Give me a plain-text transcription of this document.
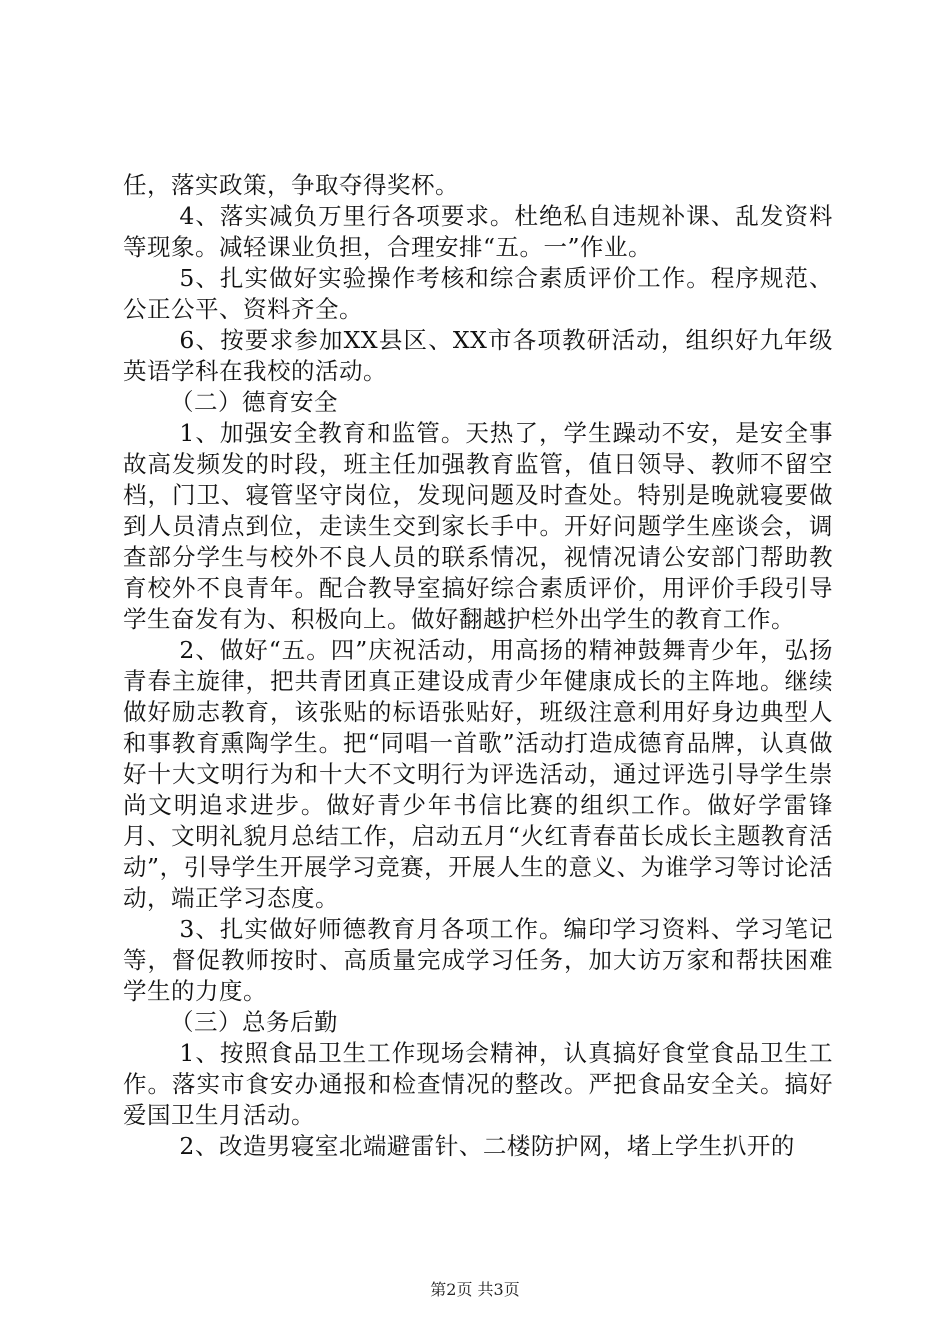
任，落实政策，争取夺得奖杯。

4、落实减负万里行各项要求。杜绝私自违规补课、乱发资料等现象。减轻课业负担，合理安排“五。一”作业。

5、扎实做好实验操作考核和综合素质评价工作。程序规范、公正公平、资料齐全。

6、按要求参加XX县区、XX市各项教研活动，组织好九年级英语学科在我校的活动。

（二）德育安全

1、加强安全教育和监管。天热了，学生躁动不安，是安全事故高发频发的时段，班主任加强教育监管，值日领导、教师不留空档，门卫、寝管坚守岗位，发现问题及时查处。特别是晚就寝要做到人员清点到位，走读生交到家长手中。开好问题学生座谈会，调查部分学生与校外不良人员的联系情况，视情况请公安部门帮助教育校外不良青年。配合教导室搞好综合素质评价，用评价手段引导学生奋发有为、积极向上。做好翻越护栏外出学生的教育工作。

2、做好“五。四”庆祝活动，用高扬的精神鼓舞青少年，弘扬青春主旋律，把共青团真正建设成青少年健康成长的主阵地。继续做好励志教育，该张贴的标语张贴好，班级注意利用好身边典型人和事教育熏陶学生。把“同唱一首歌”活动打造成德育品牌，认真做好十大文明行为和十大不文明行为评选活动，通过评选引导学生崇尚文明追求进步。做好青少年书信比赛的组织工作。做好学雷锋月、文明礼貌月总结工作，启动五月“火红青春苗长成长主题教育活动”，引导学生开展学习竞赛，开展人生的意义、为谁学习等讨论活动，端正学习态度。

3、扎实做好师德教育月各项工作。编印学习资料、学习笔记等，督促教师按时、高质量完成学习任务，加大访万家和帮扶困难学生的力度。

（三）总务后勤

1、按照食品卫生工作现场会精神，认真搞好食堂食品卫生工作。落实市食安办通报和检查情况的整改。严把食品安全关。搞好爱国卫生月活动。

2、改造男寝室北端避雷针、二楼防护网，堵上学生扒开的

第2页 共3页
